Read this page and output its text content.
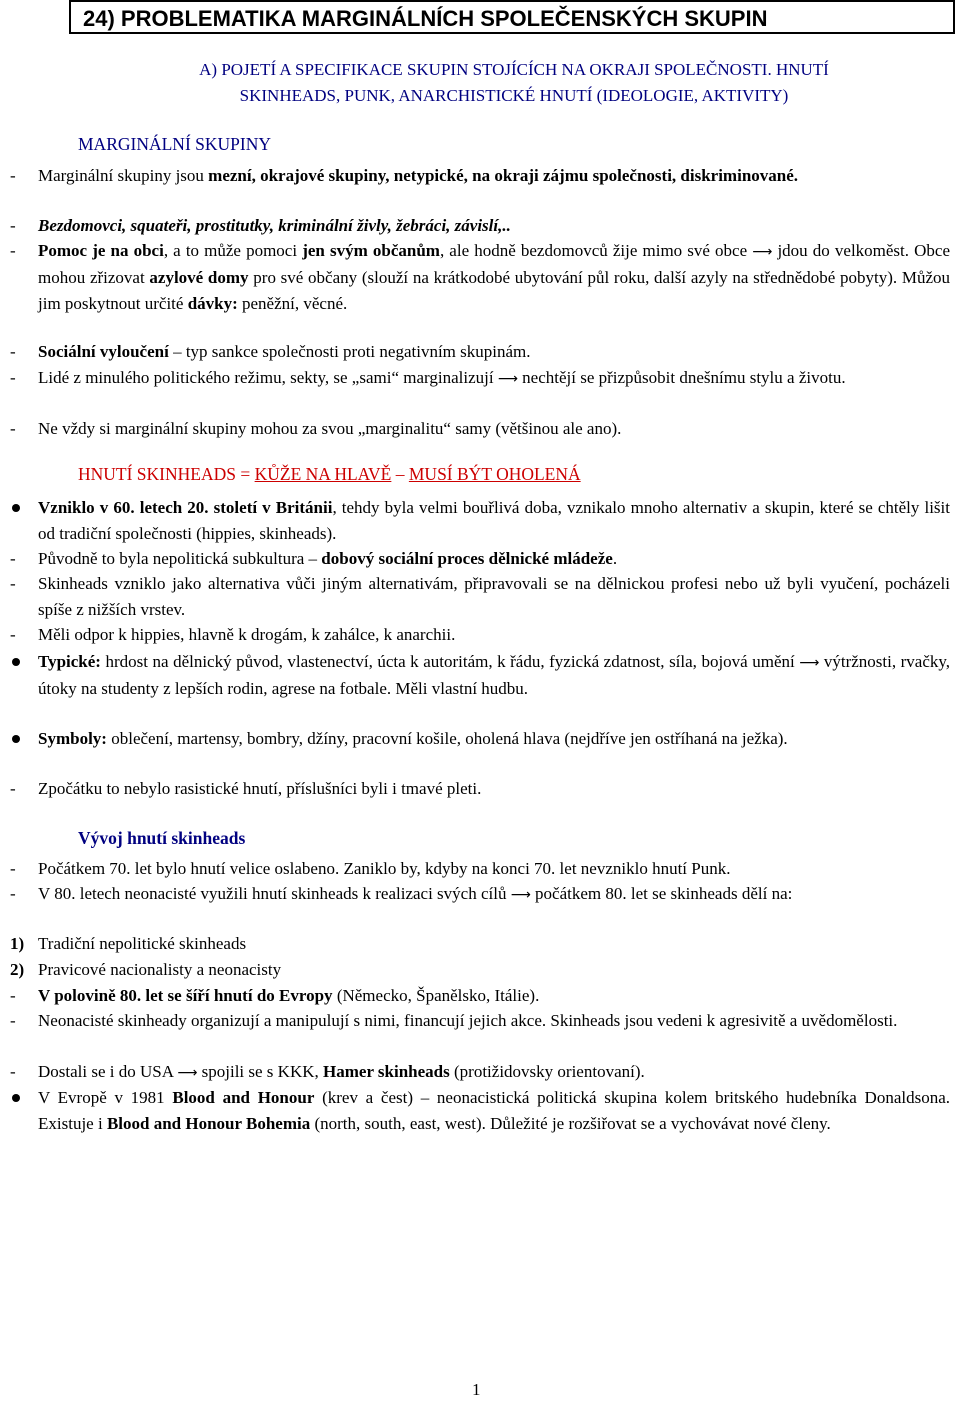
24) PROBLEMATIKA MARGINÁLNÍCH SPOLEČENSKÝCH SKUPIN
A) POJETÍ A SPECIFIKACE SKUPIN STOJÍCÍCH NA OKRAJI SPOLEČNOSTI. HNUTÍ
SKINHEADS, PUNK, ANARCHISTICKÉ HNUTÍ (IDEOLOGIE, AKTIVITY)
MARGINÁLNÍ SKUPINY
-	Marginální skupiny jsou mezní, okrajové skupiny, netypické, na okraji zájmu společnosti, diskriminované.
-	Bezdomovci, squateři, prostitutky, kriminální živly, žebráci, závislí,..
-	Pomoc je na obci, a to může pomoci jen svým občanům, ale hodně bezdomovců žije mimo své obce ⟶ jdou do velkoměst. Obce mohou zřizovat azylové domy pro své občany (slouží na krátkodobé ubytování půl roku, další azyly na střednědobé pobyty). Můžou jim poskytnout určité dávky: peněžní, věcné.
-	Sociální vyloučení – typ sankce společnosti proti negativním skupinám.
-	Lidé z minulého politického režimu, sekty, se „sami“ marginalizují ⟶ nechtějí se přizpůsobit dnešnímu stylu a životu.
-	Ne vždy si marginální skupiny mohou za svou „marginalitu“ samy (většinou ale ano).
HNUTÍ SKINHEADS = KŮŽE NA HLAVĚ – MUSÍ BÝT OHOLENÁ
Vzniklo v 60. letech 20. století v Británii, tehdy byla velmi bouřlivá doba, vznikalo mnoho alternativ a skupin, které se chtěly lišit od tradiční společnosti (hippies, skinheads).
-	Původně to byla nepolitická subkultura – dobový sociální proces dělnické mládeže.
-	Skinheads vzniklo jako alternativa vůči jiným alternativám, připravovali se na dělnickou profesi nebo už byli vyučení, pocházeli spíše z nižších vrstev.
-	Měli odpor k hippies, hlavně k drogám, k zahálce, k anarchii.
Typické: hrdost na dělnický původ, vlastenectví, úcta k autoritám, k řádu, fyzická zdatnost, síla, bojová umění ⟶ výtržnosti, rvačky, útoky na studenty z lepších rodin, agrese na fotbale. Měli vlastní hudbu.
Symboly: oblečení, martensy, bombry, džíny, pracovní košile, oholená hlava (nejdříve jen ostříhaná na ježka).
-	Zpočátku to nebylo rasistické hnutí, příslušníci byli i tmavé pleti.
Vývoj hnutí skinheads
-	Počátkem 70. let bylo hnutí velice oslabeno. Zaniklo by, kdyby na konci 70. let nevzniklo hnutí Punk.
-	V 80. letech neonacisté využili hnutí skinheads k realizaci svých cílů ⟶ počátkem 80. let se skinheads dělí na:
1) Tradiční nepolitické skinheads
2) Pravicové nacionalisty a neonacisty
-	V polovině 80. let se šíří hnutí do Evropy (Německo, Španělsko, Itálie).
-	Neonacisté skinheady organizují a manipulují s nimi, financují jejich akce. Skinheads jsou vedeni k agresivitě a uvědomělosti.
-	Dostali se i do USA ⟶ spojili se s KKK, Hamer skinheads (protižidovsky orientovaní).
V Evropě v 1981 Blood and Honour (krev a čest) – neonacistická politická skupina kolem britského hudebníka Donaldsona. Existuje i Blood and Honour Bohemia (north, south, east, west). Důležité je rozšiřovat se a vychovávat nové členy.
1
